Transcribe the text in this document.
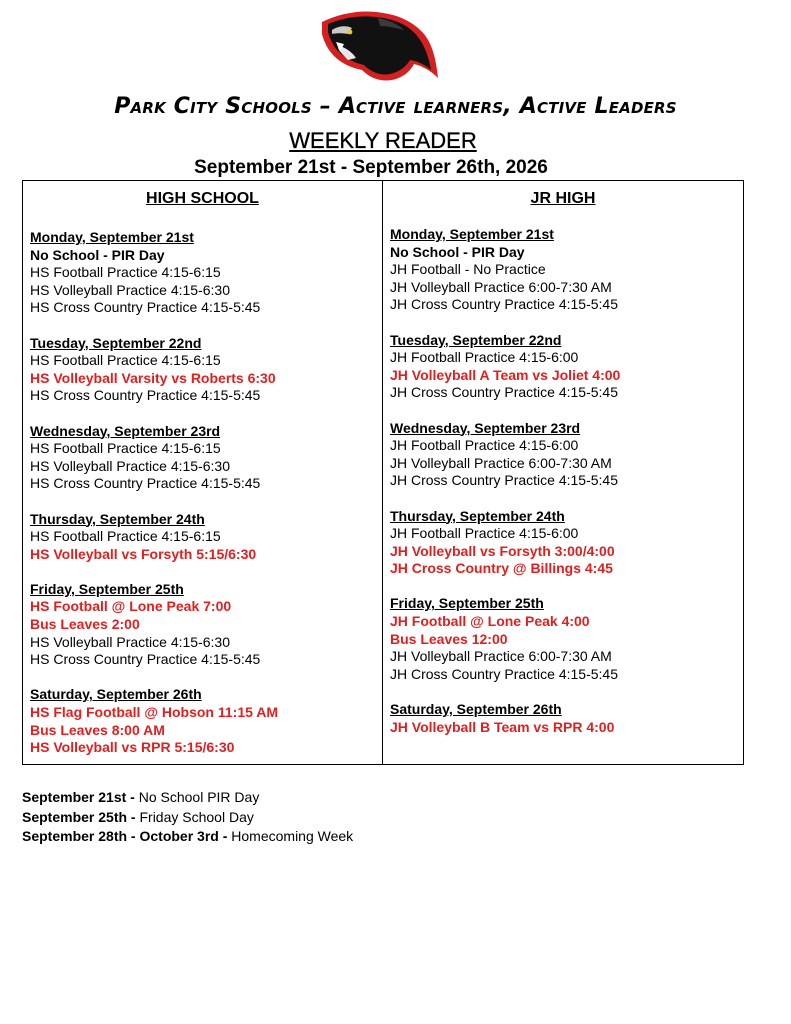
Park City Schools – Active learners, Active Leaders
WEEKLY READER
September 21st - September 26th, 2026
HIGH SCHOOL
Monday, September 21st
No School - PIR Day
HS Football Practice 4:15-6:15
HS Volleyball Practice 4:15-6:30
HS Cross Country Practice 4:15-5:45
Tuesday, September 22nd
HS Football Practice 4:15-6:15
HS Volleyball Varsity vs Roberts 6:30
HS Cross Country Practice 4:15-5:45
Wednesday, September 23rd
HS Football Practice 4:15-6:15
HS Volleyball Practice 4:15-6:30
HS Cross Country Practice 4:15-5:45
Thursday, September 24th
HS Football Practice 4:15-6:15
HS Volleyball vs Forsyth 5:15/6:30
Friday, September 25th
HS Football @ Lone Peak 7:00
Bus Leaves 2:00
HS Volleyball Practice 4:15-6:30
HS Cross Country Practice 4:15-5:45
Saturday, September 26th
HS Flag Football @ Hobson 11:15 AM
Bus Leaves 8:00 AM
HS Volleyball vs RPR 5:15/6:30
JR HIGH
Monday, September 21st
No School - PIR Day
JH Football - No Practice
JH Volleyball Practice 6:00-7:30 AM
JH Cross Country Practice 4:15-5:45
Tuesday, September 22nd
JH Football Practice 4:15-6:00
JH Volleyball A Team vs Joliet 4:00
JH Cross Country Practice 4:15-5:45
Wednesday, September 23rd
JH Football Practice 4:15-6:00
JH Volleyball Practice 6:00-7:30 AM
JH Cross Country Practice 4:15-5:45
Thursday, September 24th
JH Football Practice 4:15-6:00
JH Volleyball vs Forsyth 3:00/4:00
JH Cross Country @ Billings 4:45
Friday, September 25th
JH Football @ Lone Peak 4:00
Bus Leaves 12:00
JH Volleyball Practice 6:00-7:30 AM
JH Cross Country Practice 4:15-5:45
Saturday, September 26th
JH Volleyball B Team vs RPR 4:00
September 21st - No School PIR Day
September 25th - Friday School Day
September 28th - October 3rd - Homecoming Week
